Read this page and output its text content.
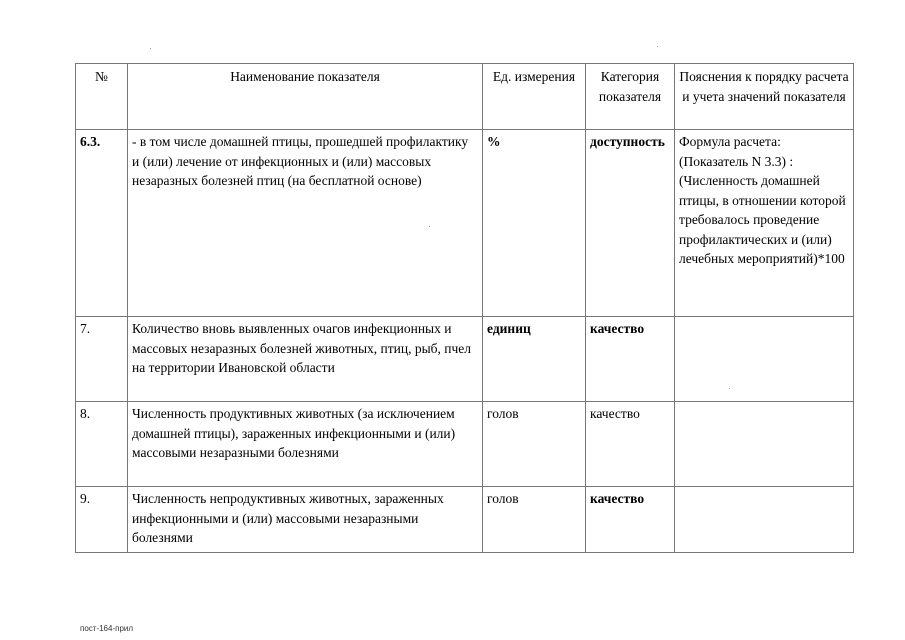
№	Наименование показателя	Ед. измерения	Категория показателя	Пояснения к порядку расчета и учета значений показателя
6.3.	- в том числе домашней птицы, прошедшей профилактику и (или) лечение от инфекционных и (или) массовых незаразных болезней птиц (на бесплатной основе)	%	доступность	Формула расчета: (Показатель N 3.3) : (Численность домашней птицы, в отношении которой требовалось проведение профилактических и (или) лечебных мероприятий)*100
7.	Количество вновь выявленных очагов инфекционных и массовых незаразных болезней животных, птиц, рыб, пчел на территории Ивановской области	единиц	качество	
8.	Численность продуктивных животных (за исключением домашней птицы), зараженных инфекционными и (или) массовыми незаразными болезнями	голов	качество	
9.	Численность непродуктивных животных, зараженных инфекционными и (или) массовыми незаразными болезнями	голов	качество	
пост-164-прил
